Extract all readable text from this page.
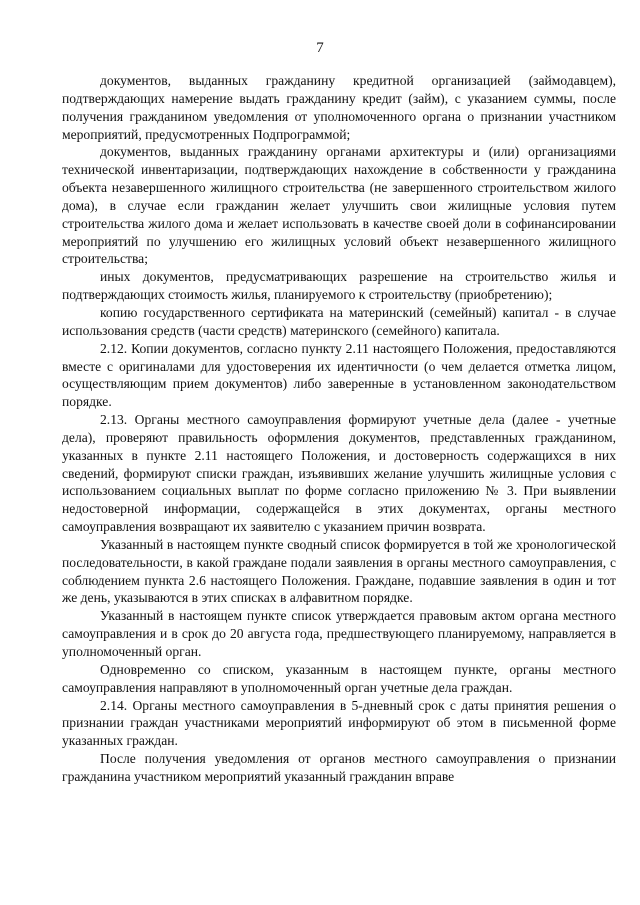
7

документов, выданных гражданину кредитной организацией (займодавцем), подтверждающих намерение выдать гражданину кредит (займ), с указанием суммы, после получения гражданином уведомления от уполномоченного органа о признании участником мероприятий, предусмотренных Подпрограммой;

документов, выданных гражданину органами архитектуры и (или) организациями технической инвентаризации, подтверждающих нахождение в собственности у гражданина объекта незавершенного жилищного строительства (не завершенного строительством жилого дома), в случае если гражданин желает улучшить свои жилищные условия путем строительства жилого дома и желает использовать в качестве своей доли в софинансировании мероприятий по улучшению его жилищных условий объект незавершенного жилищного строительства;

иных документов, предусматривающих разрешение на строительство жилья и подтверждающих стоимость жилья, планируемого к строительству (приобретению);

копию государственного сертификата на материнский (семейный) капитал - в случае использования средств (части средств) материнского (семейного) капитала.

2.12. Копии документов, согласно пункту 2.11 настоящего Положения, предоставляются вместе с оригиналами для удостоверения их идентичности (о чем делается отметка лицом, осуществляющим прием документов) либо заверенные в установленном законодательством порядке.

2.13. Органы местного самоуправления формируют учетные дела (далее - учетные дела), проверяют правильность оформления документов, представленных гражданином, указанных в пункте 2.11 настоящего Положения, и достоверность содержащихся в них сведений, формируют списки граждан, изъявивших желание улучшить жилищные условия с использованием социальных выплат по форме согласно приложению № 3. При выявлении недостоверной информации, содержащейся в этих документах, органы местного самоуправления возвращают их заявителю с указанием причин возврата.

Указанный в настоящем пункте сводный список формируется в той же хронологической последовательности, в какой граждане подали заявления в органы местного самоуправления, с соблюдением пункта 2.6 настоящего Положения. Граждане, подавшие заявления в один и тот же день, указываются в этих списках в алфавитном порядке.

Указанный в настоящем пункте список утверждается правовым актом органа местного самоуправления и в срок до 20 августа года, предшествующего планируемому, направляется в уполномоченный орган.

Одновременно со списком, указанным в настоящем пункте, органы местного самоуправления направляют в уполномоченный орган учетные дела граждан.

2.14. Органы местного самоуправления в 5-дневный срок с даты принятия решения о признании граждан участниками мероприятий информируют об этом в письменной форме указанных граждан.

После получения уведомления от органов местного самоуправления о признании гражданина участником мероприятий указанный гражданин вправе
